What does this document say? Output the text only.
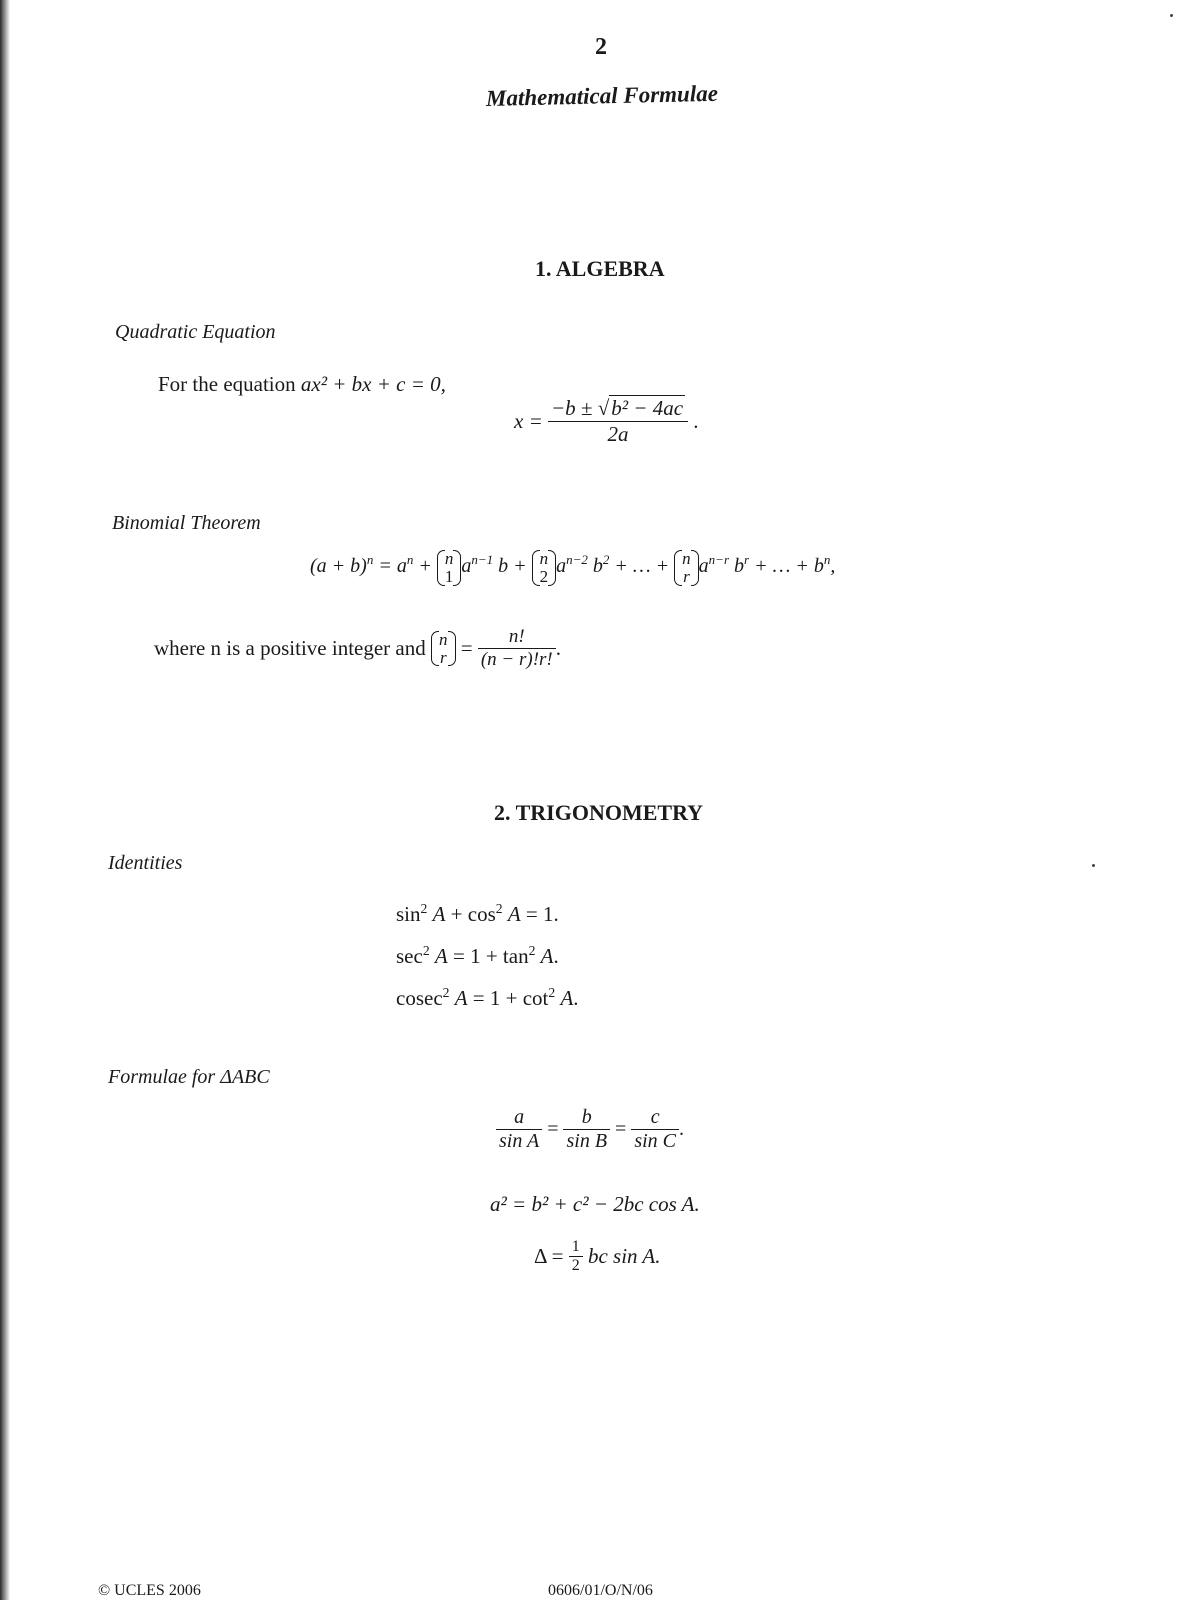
2
Mathematical Formulae
1. ALGEBRA
Quadratic Equation
For the equation ax² + bx + c = 0,
$x = \frac{\text{−b ± √b² − 4ac}}{2a}$ .
Binomial Theorem
$(a + b)^n = a^n + n$
1 $a^{n-1}$ b + n
2 $a^{n-2}$ $b^2$ + … + n
r $a^{n-r}$ $b^r$ + … + $b^n$,
where n is a positive integer and n
$r = \frac{n!}{(n - r)!r!}$ .
2. TRIGONOMETRY
Identities
$\sin^2 A + \cos^2 A = 1$.
$\sec^2 A = 1 + \tan^2 A$.
cosec$^2$ $A = 1 + \cot^2 A$.
Formulae for ΔABC
$\frac{a}{\text{sin A}} = \frac{b}{\text{sin B}} = \frac{c}{\text{sin C}}$ .
a² = b² + c² − 2bc cos A.
$\Delta = \frac{1}{2}$ bc sin A.
© UCLES 2006	0606/01/O/N/06
